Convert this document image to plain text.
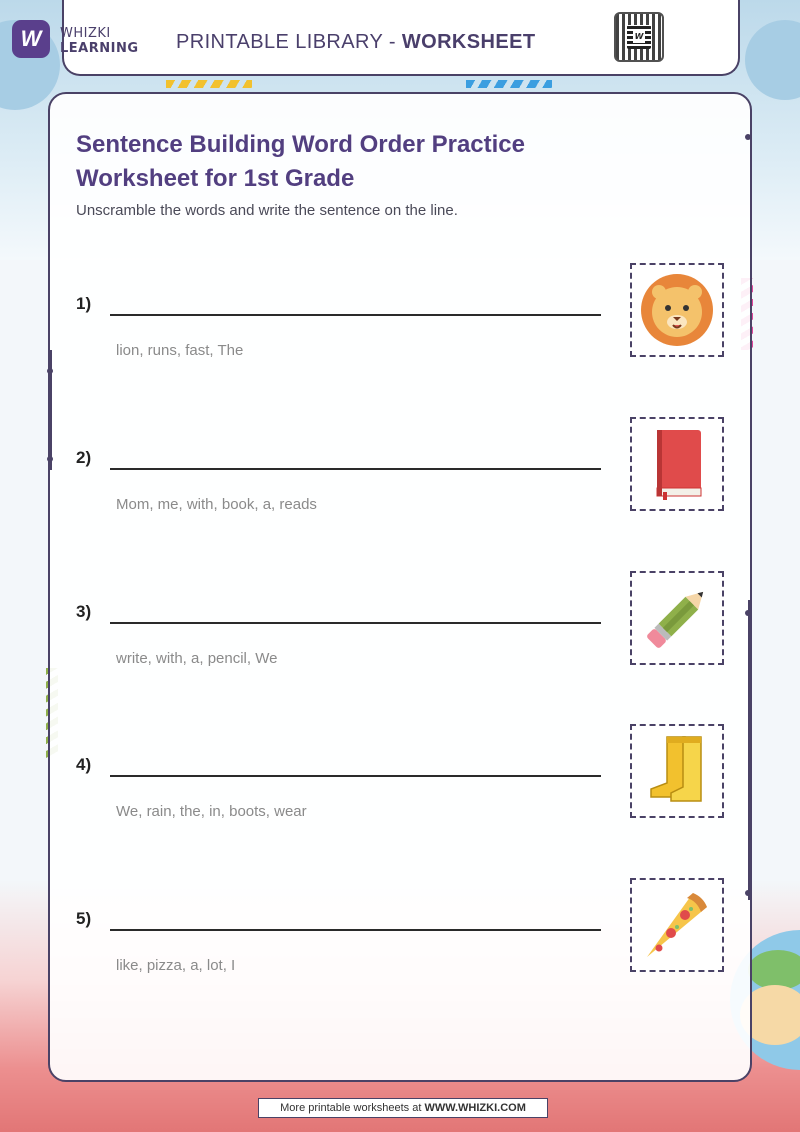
W	WHIZKI
LEARNING PRINTABLE LIBRARY - WORKSHEET	W
Sentence Building Word Order Practice Worksheet for 1st Grade

Unscramble the words and write the sentence on the line.

1)
lion, runs, fast, The
2)
Mom, me, with, book, a, reads
3)
write, with, a, pencil, We
4)
We, rain, the, in, boots, wear
5)
like, pizza, a, lot, I
More printable worksheets at WWW.WHIZKI.COM
